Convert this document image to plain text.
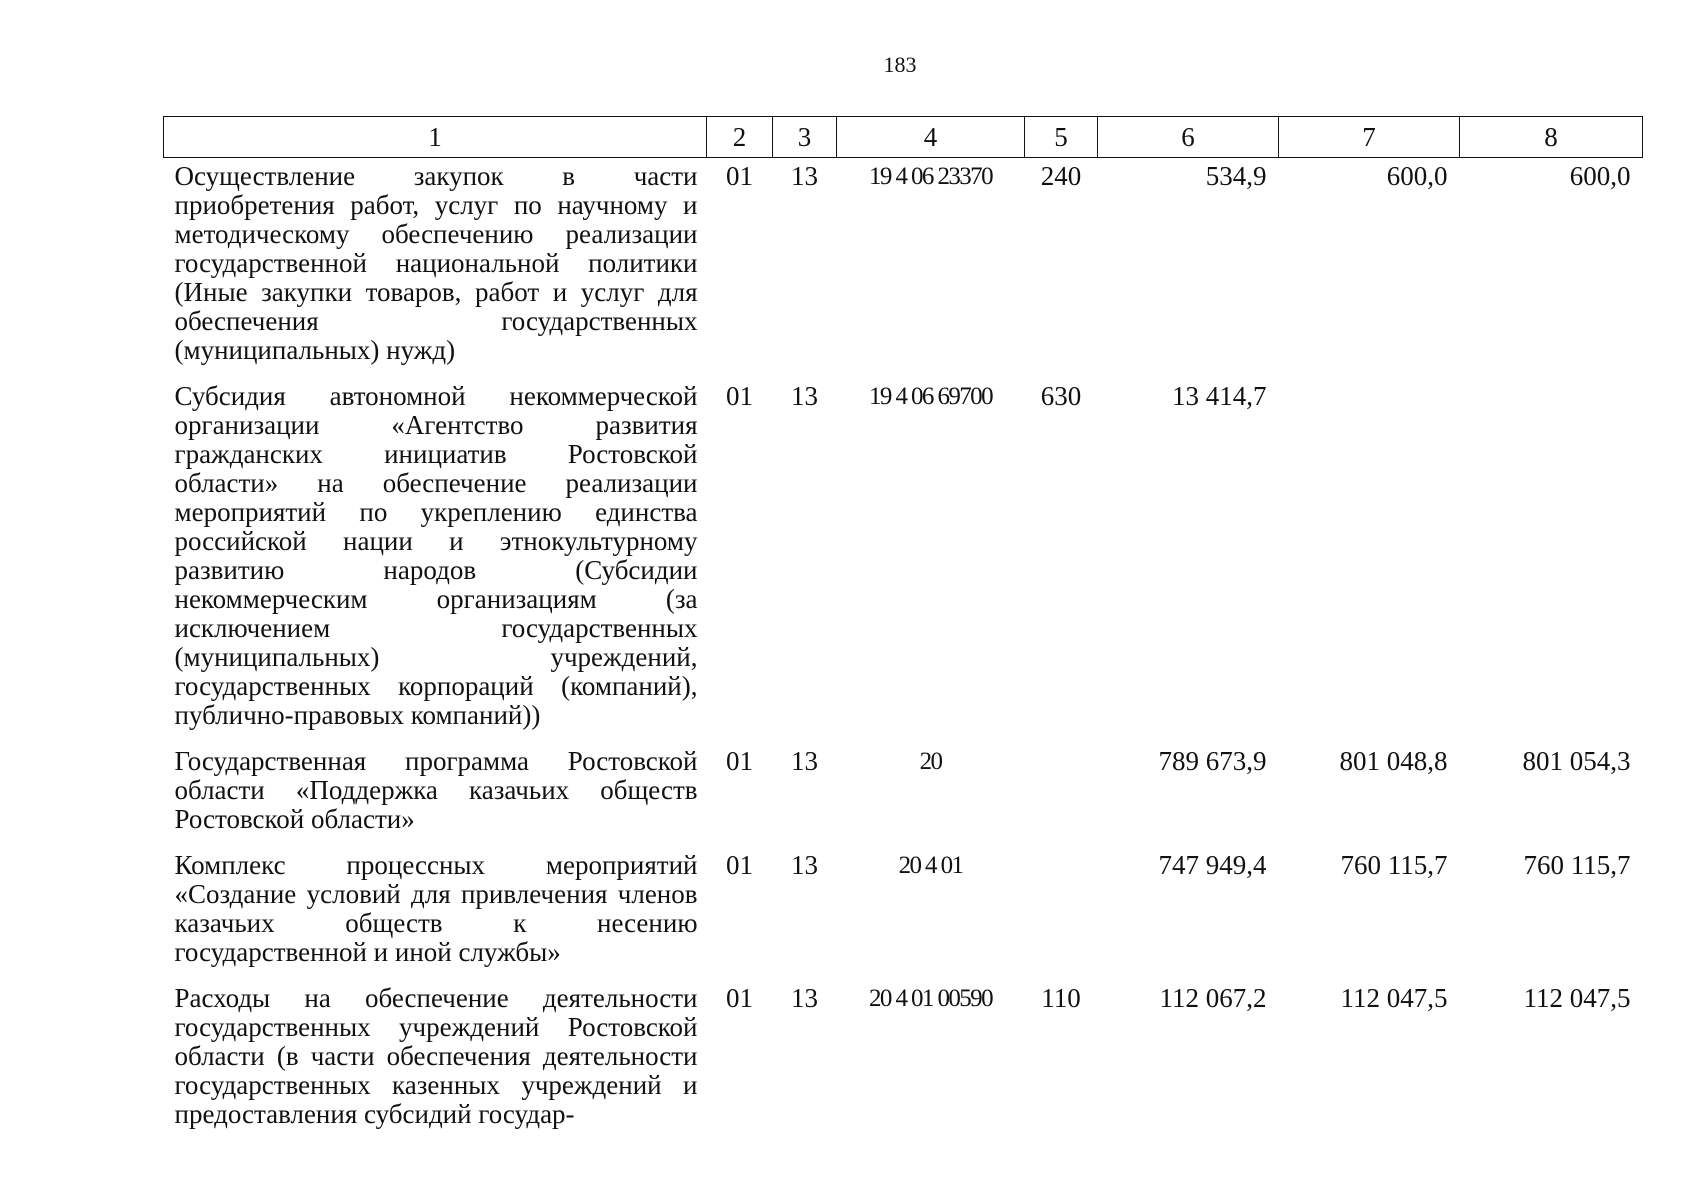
183
1	2	3	4	5	6	7	8
Осуществление закупок в части приобретения работ, услуг по научному и методическому обеспечению реализации государственной национальной политики (Иные закупки товаров, работ и услуг для обеспечения государственных (муниципальных) нужд)	01	13	19 4 06 23370	240	534,9	600,0	600,0
Субсидия автономной некоммерческой организации «Агентство развития гражданских инициатив Ростовской области» на обеспечение реализации мероприятий по укреплению единства российской нации и этнокультурному развитию народов (Субсидии некоммерческим организациям (за исключением государственных (муниципальных) учреждений, государственных корпораций (компаний), публично-правовых компаний))	01	13	19 4 06 69700	630	13 414,7		
Государственная программа Ростовской области «Поддержка казачьих обществ Ростовской области»	01	13	20		789 673,9	801 048,8	801 054,3
Комплекс процессных мероприятий «Создание условий для привлечения членов казачьих обществ к несению государственной и иной службы»	01	13	20 4 01		747 949,4	760 115,7	760 115,7
Расходы на обеспечение деятельности государственных учреждений Ростовской области (в части обеспечения деятельности государственных казенных учреждений и предоставления субсидий государ-	01	13	20 4 01 00590	110	112 067,2	112 047,5	112 047,5
